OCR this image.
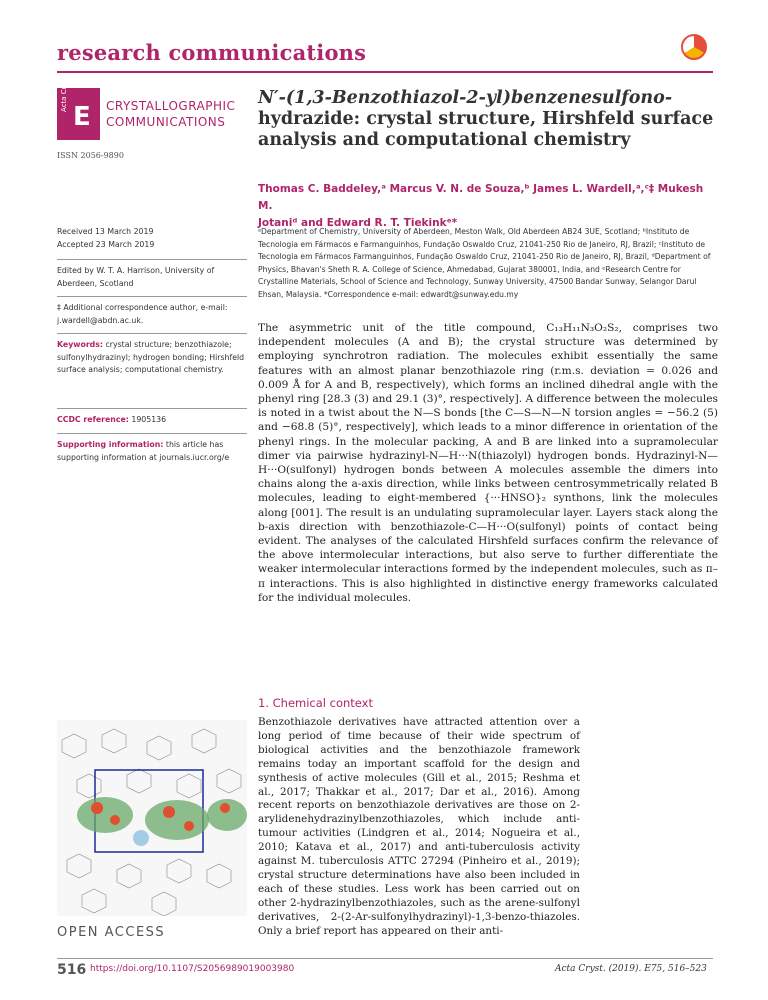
research communications
Acta Cryst
E CRYSTALLOGRAPHIC
COMMUNICATIONS
ISSN 2056-9890
N′-(1,3-Benzothiazol-2-yl)benzenesulfono-
hydrazide: crystal structure, Hirshfeld surface
analysis and computational chemistry
Thomas C. Baddeley,ᵃ Marcus V. N. de Souza,ᵇ James L. Wardell,ᵃ,ᶜ‡ Mukesh M.
Jotaniᵈ and Edward R. T. Tiekinkᵉ*
ᵃDepartment of Chemistry, University of Aberdeen, Meston Walk, Old Aberdeen AB24 3UE, Scotland; ᵇInstituto de Tecnologia em Fármacos e Farmanguinhos, Fundação Oswaldo Cruz, 21041-250 Rio de Janeiro, RJ, Brazil; ᶜInstituto de Tecnologia em Fármacos Farmanguinhos, Fundação Oswaldo Cruz, 21041-250 Rio de Janeiro, RJ, Brazil, ᵈDepartment of Physics, Bhavan's Sheth R. A. College of Science, Ahmedabad, Gujarat 380001, India, and ᵉResearch Centre for Crystalline Materials, School of Science and Technology, Sunway University, 47500 Bandar Sunway, Selangor Darul Ehsan, Malaysia. *Correspondence e-mail: edwardt@sunway.edu.my
Received 13 March 2019
Accepted 23 March 2019
Edited by W. T. A. Harrison, University of Aberdeen, Scotland
‡ Additional correspondence author, e-mail: j.wardell@abdn.ac.uk.
Keywords: crystal structure; benzothiazole; sulfonylhydrazinyl; hydrogen bonding; Hirshfeld surface analysis; computational chemistry.
CCDC reference: 1905136
Supporting information: this article has supporting information at journals.iucr.org/e
The asymmetric unit of the title compound, C₁₃H₁₁N₃O₂S₂, comprises two independent molecules (A and B); the crystal structure was determined by employing synchrotron radiation. The molecules exhibit essentially the same features with an almost planar benzothiazole ring (r.m.s. deviation = 0.026 and 0.009 Å for A and B, respectively), which forms an inclined dihedral angle with the phenyl ring [28.3 (3) and 29.1 (3)°, respectively]. A difference between the molecules is noted in a twist about the N—S bonds [the C—S—N—N torsion angles = −56.2 (5) and −68.8 (5)°, respectively], which leads to a minor difference in orientation of the phenyl rings. In the molecular packing, A and B are linked into a supramolecular dimer via pairwise hydrazinyl-N—H···N(thiazolyl) hydrogen bonds. Hydrazinyl-N—H···O(sulfonyl) hydrogen bonds between A molecules assemble the dimers into chains along the a-axis direction, while links between centrosymmetrically related B molecules, leading to eight-membered {···HNSO}₂ synthons, link the molecules along [001]. The result is an undulating supramolecular layer. Layers stack along the b-axis direction with benzothiazole-C—H···O(sulfonyl) points of contact being evident. The analyses of the calculated Hirshfeld surfaces confirm the relevance of the above intermolecular interactions, but also serve to further differentiate the weaker intermolecular interactions formed by the independent molecules, such as π–π interactions. This is also highlighted in distinctive energy frameworks calculated for the individual molecules.
1. Chemical context
Benzothiazole derivatives have attracted attention over a long period of time because of their wide spectrum of biological activities and the benzothiazole framework remains today an important scaffold for the design and synthesis of active molecules (Gill et al., 2015; Reshma et al., 2017; Thakkar et al., 2017; Dar et al., 2016). Among recent reports on benzothiazole derivatives are those on 2-arylidenehydrazinylbenzothiazoles, which include anti-tumour activities (Lindgren et al., 2014; Nogueira et al., 2010; Katava et al., 2017) and anti-tuberculosis activity against M. tuberculosis ATTC 27294 (Pinheiro et al., 2019); crystal structure determinations have also been included in each of these studies. Less work has been carried out on other 2-hydrazinylbenzothiazoles, such as the arene-sulfonyl derivatives, 2-(2-Ar-sulfonylhydrazinyl)-1,3-benzo-thiazoles. Only a brief report has appeared on their anti-
OPEN ACCESS
516 https://doi.org/10.1107/S2056989019003980	Acta Cryst. (2019). E75, 516–523
